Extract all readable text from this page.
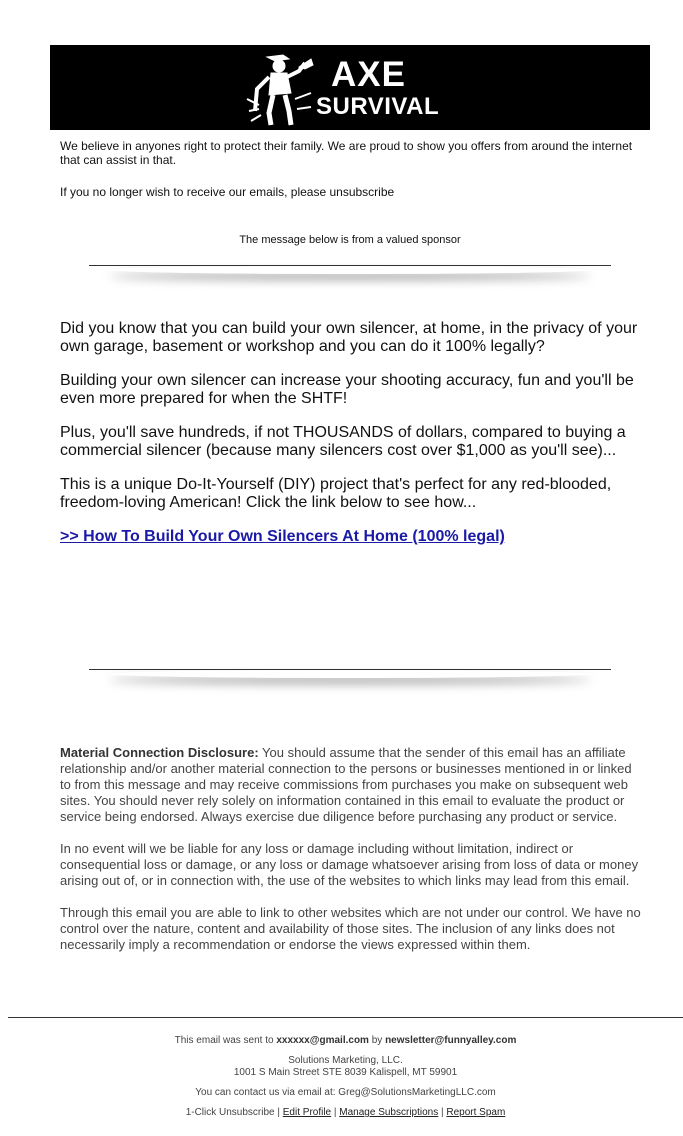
AXE
SURVIVAL
We believe in anyones right to protect their family. We are proud to show you offers from around the internet that can assist in that.
If you no longer wish to receive our emails, please unsubscribe
The message below is from a valued sponsor

Did you know that you can build your own silencer, at home, in the privacy of your own garage, basement or workshop and you can do it 100% legally?

Building your own silencer can increase your shooting accuracy, fun and you'll be even more prepared for when the SHTF!

Plus, you'll save hundreds, if not THOUSANDS of dollars, compared to buying a commercial silencer (because many silencers cost over $1,000 as you'll see)...

This is a unique Do-It-Yourself (DIY) project that's perfect for any red-blooded, freedom-loving American! Click the link below to see how...

>> How To Build Your Own Silencers At Home (100% legal)

Material Connection Disclosure: You should assume that the sender of this email has an affiliate relationship and/or another material connection to the persons or businesses mentioned in or linked to from this message and may receive commissions from purchases you make on subsequent web sites. You should never rely solely on information contained in this email to evaluate the product or service being endorsed. Always exercise due diligence before purchasing any product or service.

In no event will we be liable for any loss or damage including without limitation, indirect or consequential loss or damage, or any loss or damage whatsoever arising from loss of data or money arising out of, or in connection with, the use of the websites to which links may lead from this email.

Through this email you are able to link to other websites which are not under our control. We have no control over the nature, content and availability of those sites. The inclusion of any links does not necessarily imply a recommendation or endorse the views expressed within them.

This email was sent to xxxxxx@gmail.com by newsletter@funnyalley.com
Solutions Marketing, LLC.
1001 S Main Street STE 8039 Kalispell, MT 59901
You can contact us via email at: Greg@SolutionsMarketingLLC.com
1-Click Unsubscribe | Edit Profile | Manage Subscriptions | Report Spam
